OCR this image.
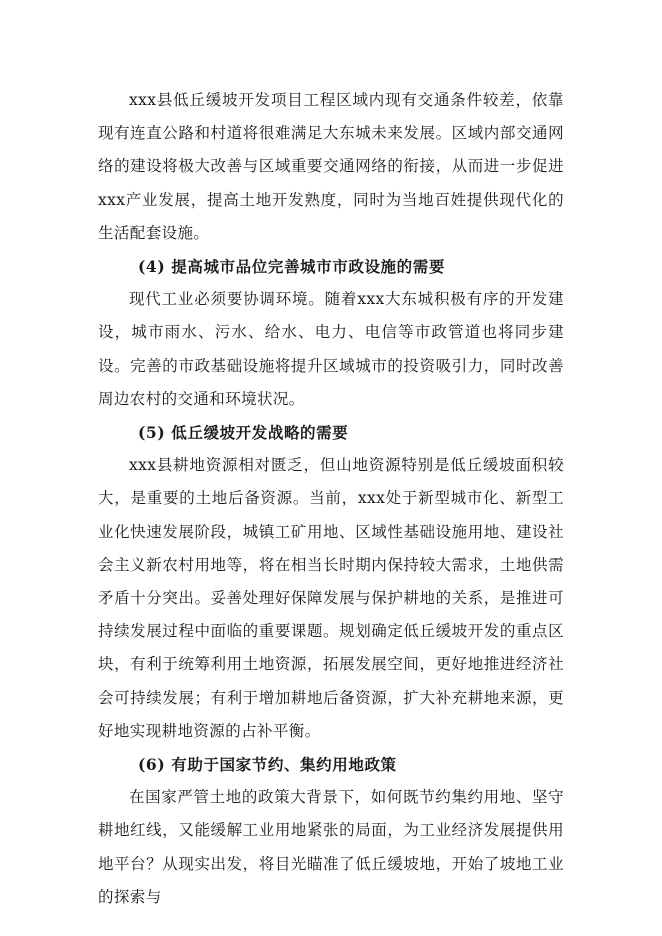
xxx县低丘缓坡开发项目工程区域内现有交通条件较差，依靠现有连直公路和村道将很难满足大东城未来发展。区域内部交通网络的建设将极大改善与区域重要交通网络的衔接，从而进一步促进xxx产业发展，提高土地开发熟度，同时为当地百姓提供现代化的生活配套设施。

(4) 提高城市品位完善城市市政设施的需要

现代工业必须要协调环境。随着xxx大东城积极有序的开发建设，城市雨水、污水、给水、电力、电信等市政管道也将同步建设。完善的市政基础设施将提升区域城市的投资吸引力，同时改善周边农村的交通和环境状况。

(5) 低丘缓坡开发战略的需要

xxx县耕地资源相对匮乏，但山地资源特别是低丘缓坡面积较大，是重要的土地后备资源。当前，xxx处于新型城市化、新型工业化快速发展阶段，城镇工矿用地、区域性基础设施用地、建设社会主义新农村用地等，将在相当长时期内保持较大需求，土地供需矛盾十分突出。妥善处理好保障发展与保护耕地的关系，是推进可持续发展过程中面临的重要课题。规划确定低丘缓坡开发的重点区块，有利于统筹利用土地资源，拓展发展空间，更好地推进经济社会可持续发展；有利于增加耕地后备资源，扩大补充耕地来源，更好地实现耕地资源的占补平衡。

(6) 有助于国家节约、集约用地政策

在国家严管土地的政策大背景下，如何既节约集约用地、坚守耕地红线，又能缓解工业用地紧张的局面，为工业经济发展提供用地平台？从现实出发，将目光瞄准了低丘缓坡地，开始了坡地工业的探索与
